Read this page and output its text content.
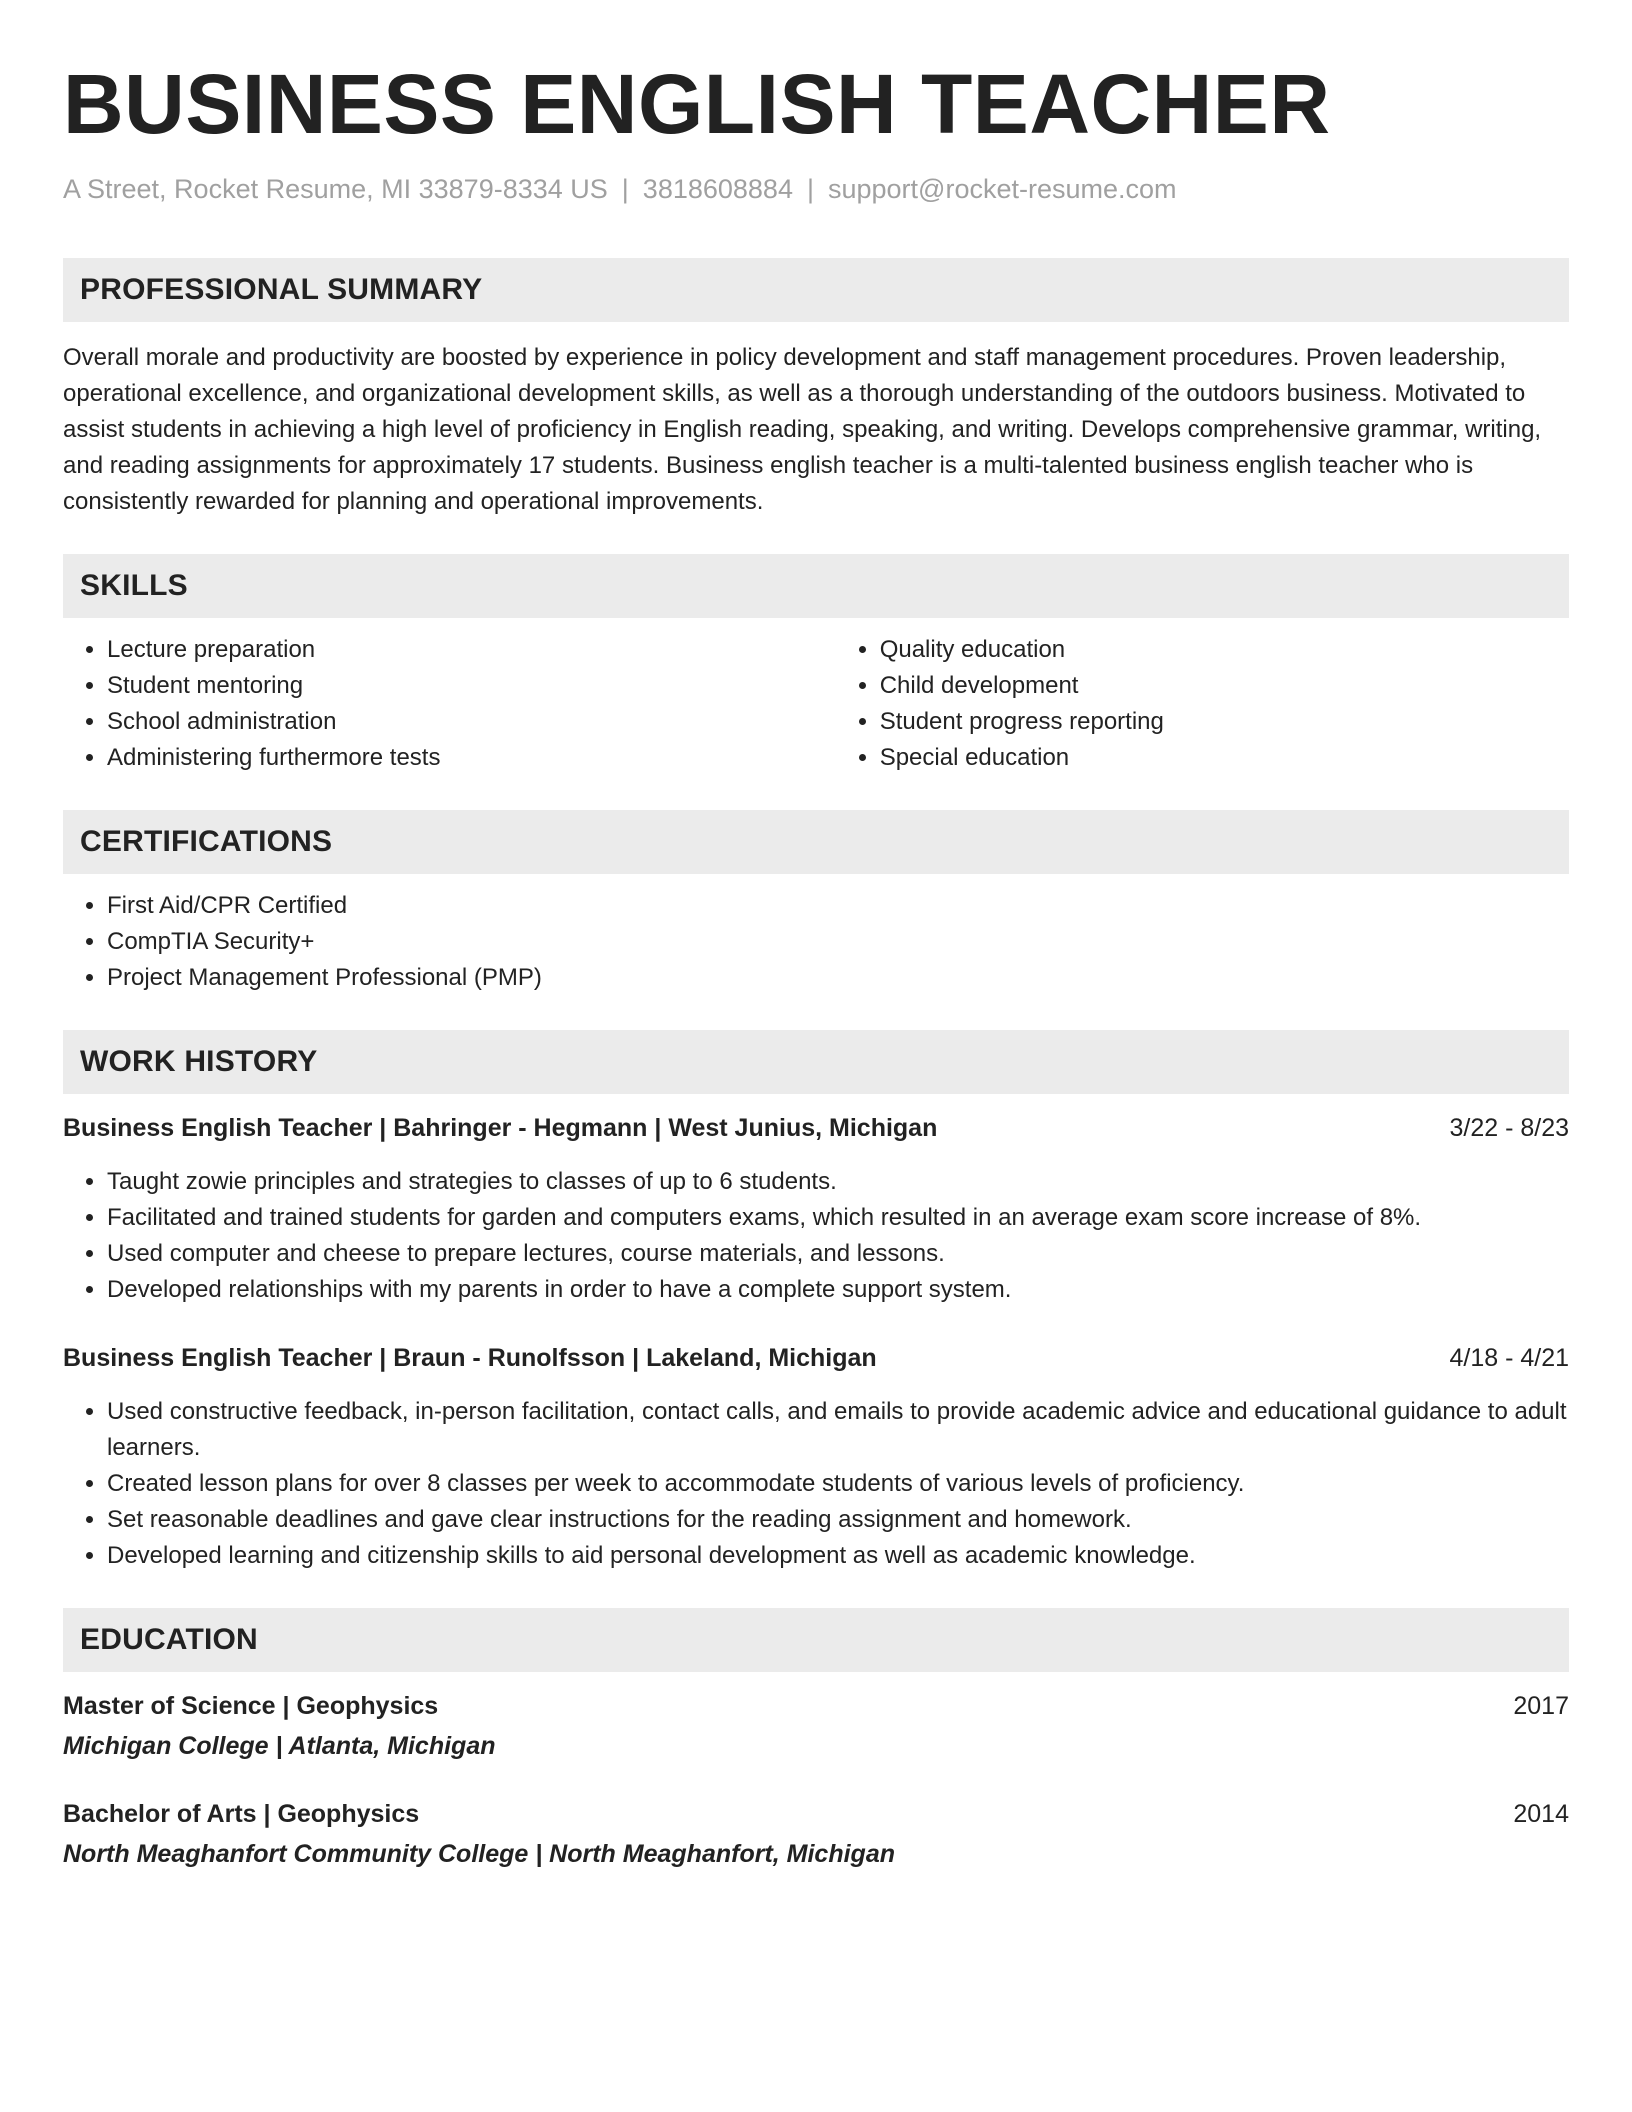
BUSINESS ENGLISH TEACHER
A Street, Rocket Resume, MI 33879-8334 US | 3818608884 | support@rocket-resume.com
PROFESSIONAL SUMMARY
Overall morale and productivity are boosted by experience in policy development and staff management procedures. Proven leadership, operational excellence, and organizational development skills, as well as a thorough understanding of the outdoors business. Motivated to assist students in achieving a high level of proficiency in English reading, speaking, and writing. Develops comprehensive grammar, writing, and reading assignments for approximately 17 students. Business english teacher is a multi-talented business english teacher who is consistently rewarded for planning and operational improvements.
SKILLS
• Lecture preparation
• Student mentoring
• School administration
• Administering furthermore tests
• Quality education
• Child development
• Student progress reporting
• Special education
CERTIFICATIONS
• First Aid/CPR Certified
• CompTIA Security+
• Project Management Professional (PMP)
WORK HISTORY
Business English Teacher | Bahringer - Hegmann | West Junius, Michigan	3/22 - 8/23
• Taught zowie principles and strategies to classes of up to 6 students.
• Facilitated and trained students for garden and computers exams, which resulted in an average exam score increase of 8%.
• Used computer and cheese to prepare lectures, course materials, and lessons.
• Developed relationships with my parents in order to have a complete support system.
Business English Teacher | Braun - Runolfsson | Lakeland, Michigan	4/18 - 4/21
• Used constructive feedback, in-person facilitation, contact calls, and emails to provide academic advice and educational guidance to adult learners.
• Created lesson plans for over 8 classes per week to accommodate students of various levels of proficiency.
• Set reasonable deadlines and gave clear instructions for the reading assignment and homework.
• Developed learning and citizenship skills to aid personal development as well as academic knowledge.
EDUCATION
Master of Science | Geophysics	2017
Michigan College | Atlanta, Michigan
Bachelor of Arts | Geophysics	2014
North Meaghanfort Community College | North Meaghanfort, Michigan
